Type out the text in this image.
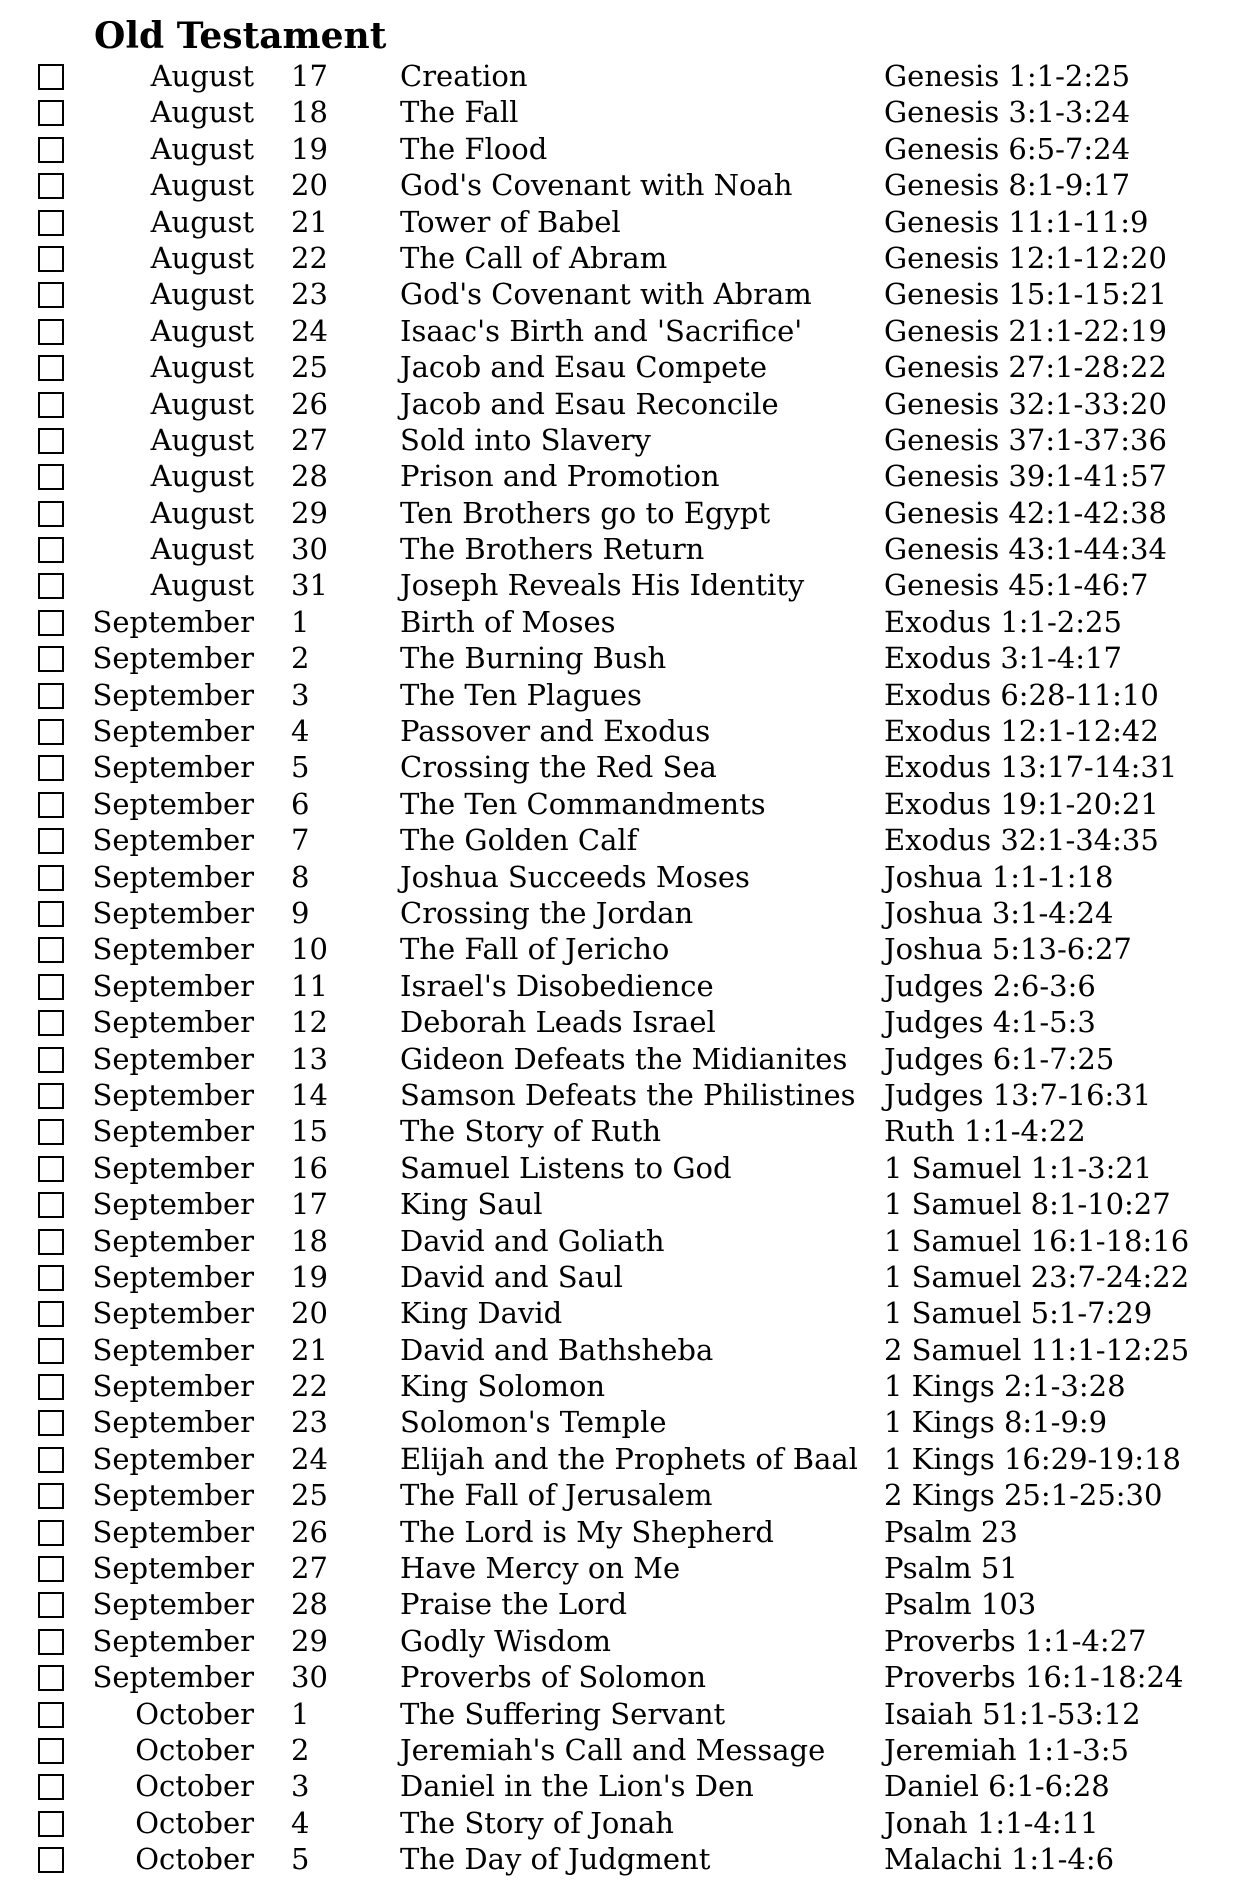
Old Testament
August 17 Creation	Genesis 1:1-2:25
August 18 The Fall	Genesis 3:1-3:24
August 19 The Flood	Genesis 6:5-7:24
August 20 God's Covenant with Noah	Genesis 8:1-9:17
August 21 Tower of Babel	Genesis 11:1-11:9
August 22 The Call of Abram	Genesis 12:1-12:20
August 23 God's Covenant with Abram Genesis 15:1-15:21
August 24 Isaac's Birth and 'Sacrifice'	Genesis 21:1-22:19
August 25 Jacob and Esau Compete	Genesis 27:1-28:22
August 26 Jacob and Esau Reconcile	Genesis 32:1-33:20
August 27 Sold into Slavery	Genesis 37:1-37:36
August 28 Prison and Promotion	Genesis 39:1-41:57
August 29 Ten Brothers go to Egypt	Genesis 42:1-42:38
August 30 The Brothers Return	Genesis 43:1-44:34
August 31 Joseph Reveals His Identity	Genesis 45:1-46:7
September 1	Birth of Moses	Exodus 1:1-2:25
September 2	The Burning Bush	Exodus 3:1-4:17
September 3	The Ten Plagues	Exodus 6:28-11:10
September 4	Passover and Exodus	Exodus 12:1-12:42
September 5	Crossing the Red Sea	Exodus 13:17-14:31
September 6	The Ten Commandments	Exodus 19:1-20:21
September 7	The Golden Calf	Exodus 32:1-34:35
September 8	Joshua Succeeds Moses	Joshua 1:1-1:18
September 9	Crossing the Jordan	Joshua 3:1-4:24
September 10 The Fall of Jericho	Joshua 5:13-6:27
September 11 Israel's Disobedience	Judges 2:6-3:6
September 12 Deborah Leads Israel	Judges 4:1-5:3
September 13 Gideon Defeats the Midianites Judges 6:1-7:25
September 14 Samson Defeats the Philistines Judges 13:7-16:31
September 15 The Story of Ruth	Ruth 1:1-4:22
September 16 Samuel Listens to God	1 Samuel 1:1-3:21
September 17 King Saul	1 Samuel 8:1-10:27
September 18 David and Goliath	1 Samuel 16:1-18:16
September 19 David and Saul	1 Samuel 23:7-24:22
September 20 King David	1 Samuel 5:1-7:29
September 21 David and Bathsheba	2 Samuel 11:1-12:25
September 22 King Solomon	1 Kings 2:1-3:28
September 23 Solomon's Temple	1 Kings 8:1-9:9
September 24 Elijah and the Prophets of Baal 1 Kings 16:29-19:18
September 25 The Fall of Jerusalem	2 Kings 25:1-25:30
September 26 The Lord is My Shepherd	Psalm 23
September 27 Have Mercy on Me	Psalm 51
September 28 Praise the Lord	Psalm 103
September 29 Godly Wisdom	Proverbs 1:1-4:27
September 30 Proverbs of Solomon	Proverbs 16:1-18:24
October 1	The Suffering Servant	Isaiah 51:1-53:12
October 2	Jeremiah's Call and Message Jeremiah 1:1-3:5
October 3	Daniel in the Lion's Den	Daniel 6:1-6:28
October 4	The Story of Jonah	Jonah 1:1-4:11
October 5	The Day of Judgment	Malachi 1:1-4:6
